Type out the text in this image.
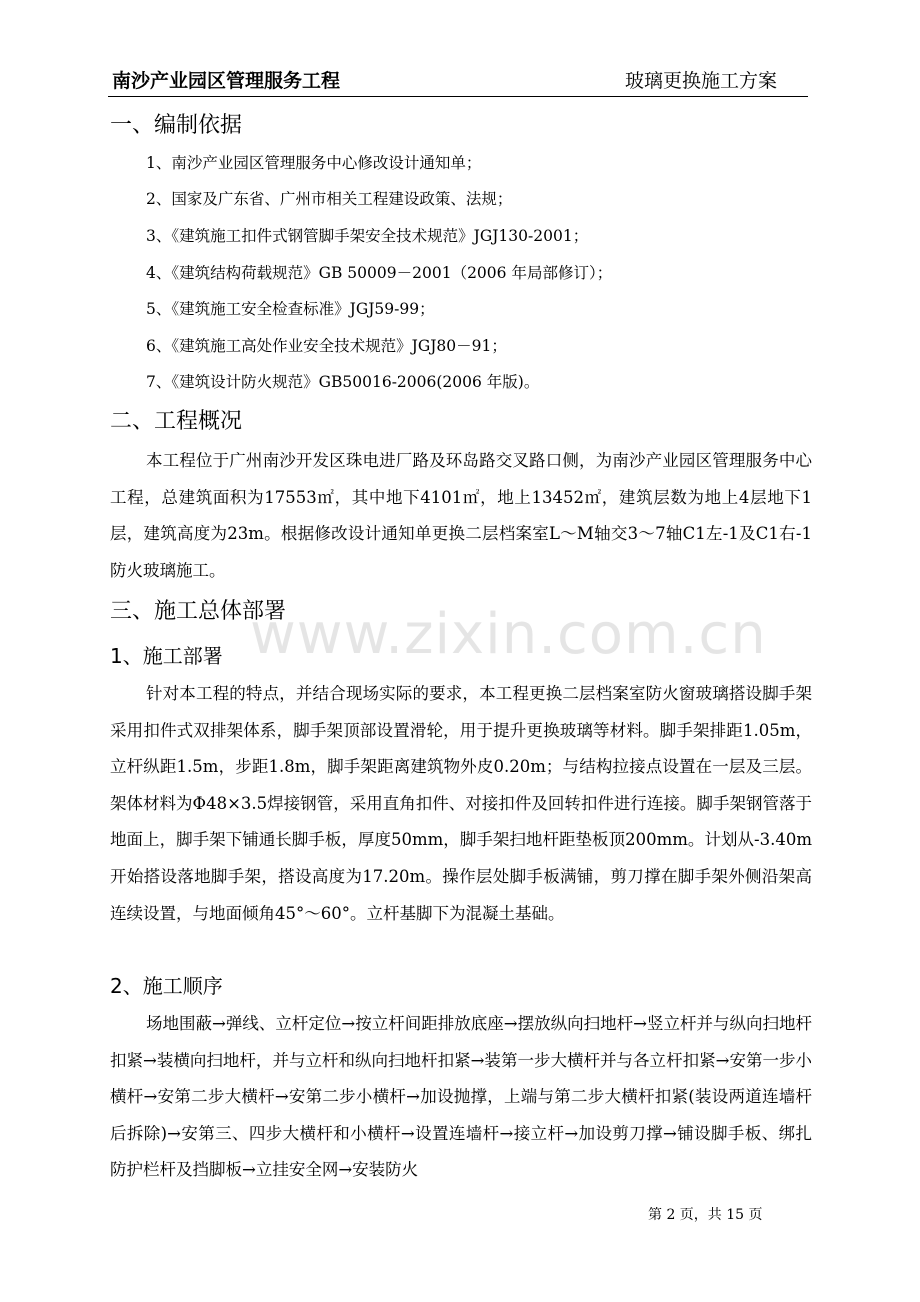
南沙产业园区管理服务工程	玻璃更换施工方案
一、编制依据
1、南沙产业园区管理服务中心修改设计通知单；
2、国家及广东省、广州市相关工程建设政策、法规；
3、《建筑施工扣件式钢管脚手架安全技术规范》JGJ130-2001；
4、《建筑结构荷载规范》GB 50009－2001（2006 年局部修订）；
5、《建筑施工安全检查标准》JGJ59-99；
6、《建筑施工高处作业安全技术规范》JGJ80－91；
7、《建筑设计防火规范》GB50016-2006(2006 年版)。
二、工程概况

本工程位于广州南沙开发区珠电进厂路及环岛路交叉路口侧，为南沙产业园区管理服务中心工程，总建筑面积为17553㎡，其中地下4101㎡，地上13452㎡，建筑层数为地上4层地下1层，建筑高度为23m。根据修改设计通知单更换二层档案室L～M轴交3～7轴C1左-1及C1右-1防火玻璃施工。

三、施工总体部署
www.zixin.com.cn
1、施工部署

针对本工程的特点，并结合现场实际的要求，本工程更换二层档案室防火窗玻璃搭设脚手架采用扣件式双排架体系，脚手架顶部设置滑轮，用于提升更换玻璃等材料。脚手架排距1.05m，立杆纵距1.5m，步距1.8m，脚手架距离建筑物外皮0.20m；与结构拉接点设置在一层及三层。架体材料为Φ48×3.5焊接钢管，采用直角扣件、对接扣件及回转扣件进行连接。脚手架钢管落于地面上，脚手架下铺通长脚手板，厚度50mm，脚手架扫地杆距垫板顶200mm。计划从-3.40m开始搭设落地脚手架，搭设高度为17.20m。操作层处脚手板满铺，剪刀撑在脚手架外侧沿架高连续设置，与地面倾角45°～60°。立杆基脚下为混凝土基础。

2、施工顺序

场地围蔽→弹线、立杆定位→按立杆间距排放底座→摆放纵向扫地杆→竖立杆并与纵向扫地杆扣紧→装横向扫地杆，并与立杆和纵向扫地杆扣紧→装第一步大横杆并与各立杆扣紧→安第一步小横杆→安第二步大横杆→安第二步小横杆→加设抛撑，上端与第二步大横杆扣紧(装设两道连墙杆后拆除)→安第三、四步大横杆和小横杆→设置连墙杆→接立杆→加设剪刀撑→铺设脚手板、绑扎防护栏杆及挡脚板→立挂安全网→安装防火

第 2 页，共 15 页
